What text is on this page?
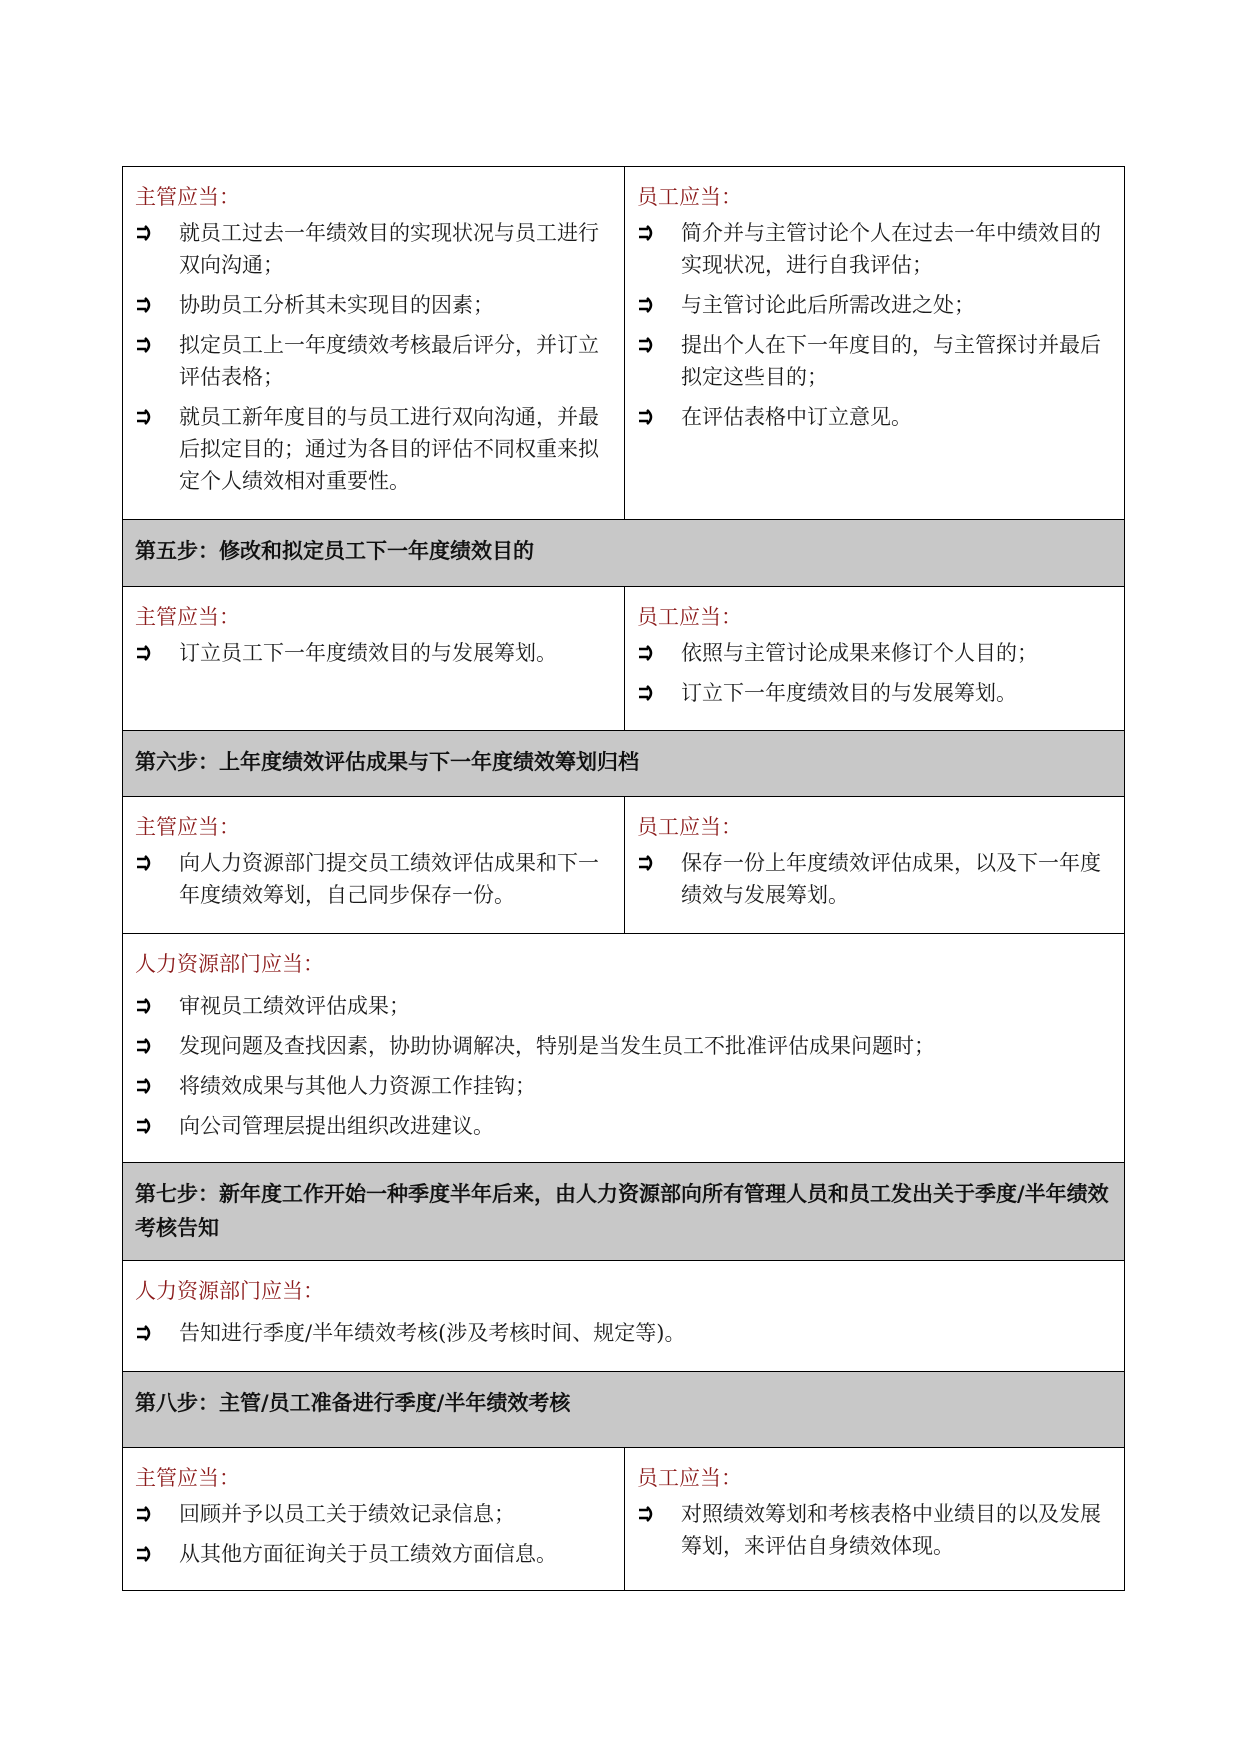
主管应当：
就员工过去一年绩效目的实现状况与员工进行双向沟通；
协助员工分析其未实现目的因素；
拟定员工上一年度绩效考核最后评分，并订立评估表格；
就员工新年度目的与员工进行双向沟通，并最后拟定目的；通过为各目的评估不同权重来拟定个人绩效相对重要性。
员工应当：
简介并与主管讨论个人在过去一年中绩效目的实现状况，进行自我评估；
与主管讨论此后所需改进之处；
提出个人在下一年度目的，与主管探讨并最后拟定这些目的；
在评估表格中订立意见。
第五步：修改和拟定员工下一年度绩效目的
主管应当：
订立员工下一年度绩效目的与发展筹划。
员工应当：
依照与主管讨论成果来修订个人目的；
订立下一年度绩效目的与发展筹划。
第六步：上年度绩效评估成果与下一年度绩效筹划归档
主管应当：
向人力资源部门提交员工绩效评估成果和下一年度绩效筹划，自己同步保存一份。
员工应当：
保存一份上年度绩效评估成果，以及下一年度绩效与发展筹划。
人力资源部门应当：
审视员工绩效评估成果；
发现问题及查找因素，协助协调解决，特别是当发生员工不批准评估成果问题时；
将绩效成果与其他人力资源工作挂钩；
向公司管理层提出组织改进建议。
第七步：新年度工作开始一种季度半年后来，由人力资源部向所有管理人员和员工发出关于季度/半年绩效考核告知
人力资源部门应当：
告知进行季度/半年绩效考核(涉及考核时间、规定等)。
第八步：主管/员工准备进行季度/半年绩效考核
主管应当：
回顾并予以员工关于绩效记录信息；
从其他方面征询关于员工绩效方面信息。
员工应当：
对照绩效筹划和考核表格中业绩目的以及发展筹划，来评估自身绩效体现。
